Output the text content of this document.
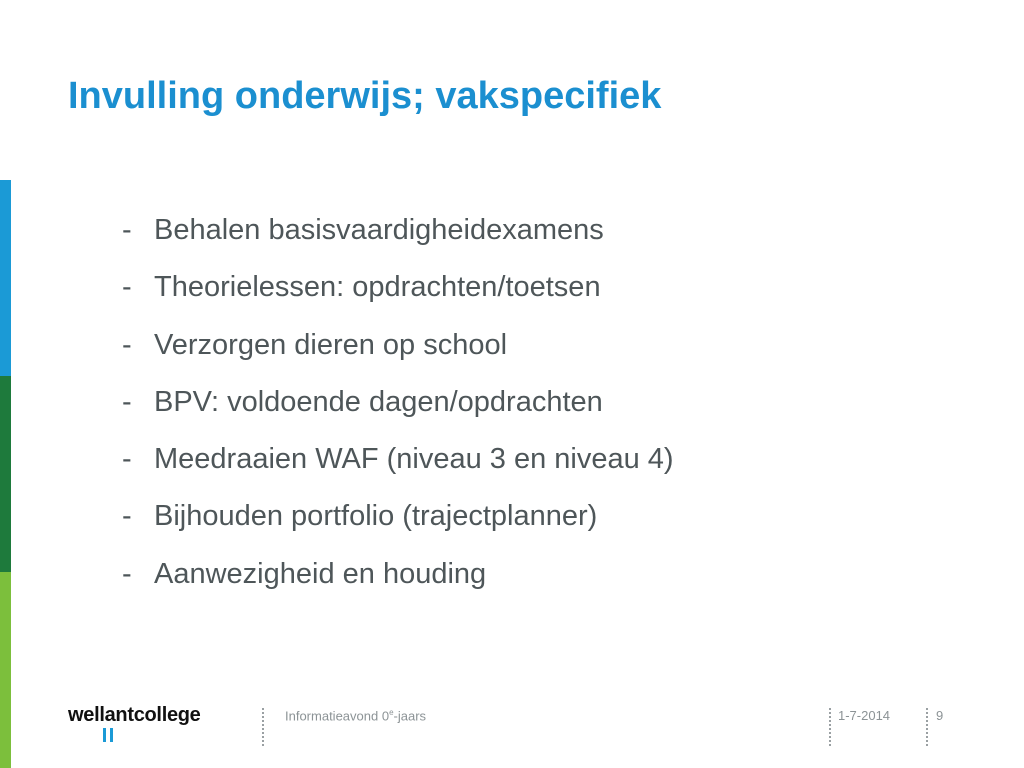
Invulling onderwijs; vakspecifiek
- Behalen basisvaardigheidexamens
- Theorielessen: opdrachten/toetsen
- Verzorgen dieren op school
- BPV: voldoende dagen/opdrachten
- Meedraaien WAF (niveau 3 en niveau 4)
- Bijhouden portfolio (trajectplanner)
- Aanwezigheid en houding
wellantcollege	Informatieavond 0e-jaars	1-7-2014	9
